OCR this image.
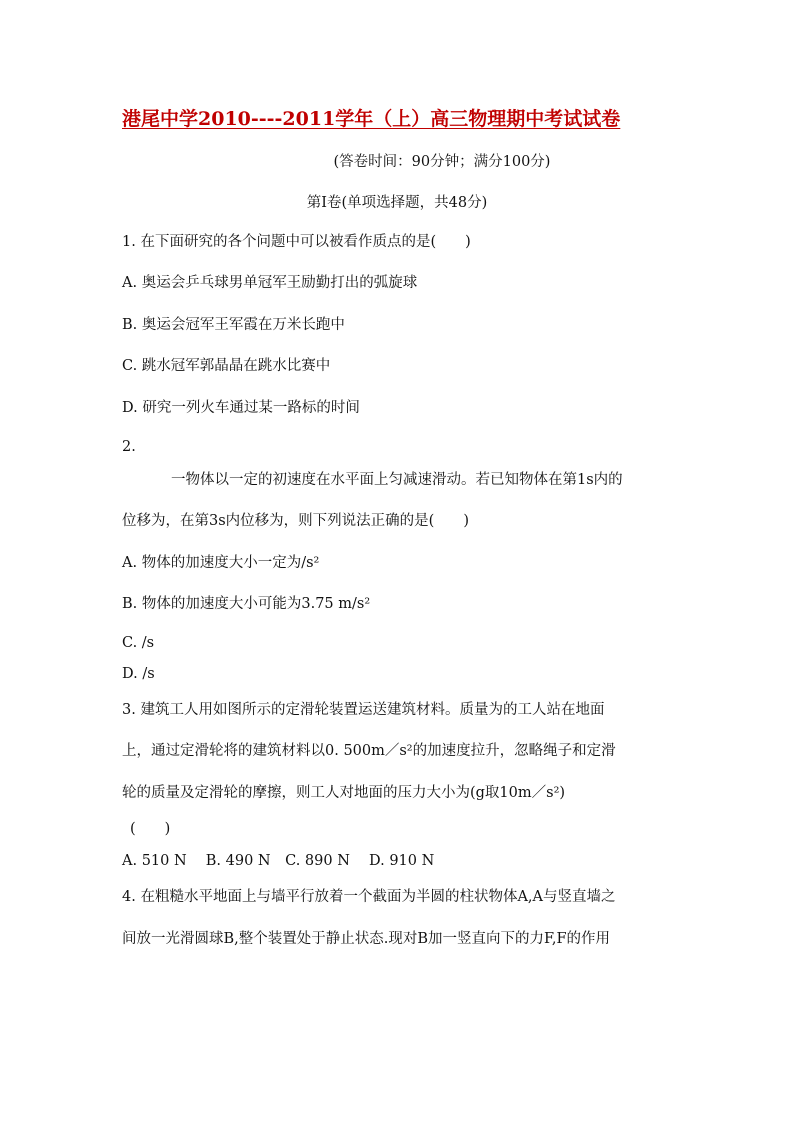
港尾中学2010----2011学年（上）高三物理期中考试试卷
(答卷时间：90分钟；满分100分)
第Ⅰ卷(单项选择题，共48分)
1. 在下面研究的各个问题中可以被看作质点的是(　　)
A. 奥运会乒乓球男单冠军王励勤打出的弧旋球
B. 奥运会冠军王军霞在万米长跑中
C. 跳水冠军郭晶晶在跳水比赛中
D. 研究一列火车通过某一路标的时间
2.
一物体以一定的初速度在水平面上匀减速滑动。若已知物体在第1s内的
位移为，在第3s内位移为，则下列说法正确的是(　　)
A. 物体的加速度大小一定为/s²
B. 物体的加速度大小可能为3.75 m/s²
C. /s
D. /s
3. 建筑工人用如图所示的定滑轮装置运送建筑材料。质量为的工人站在地面
上，通过定滑轮将的建筑材料以0. 500m／s²的加速度拉升，忽略绳子和定滑
轮的质量及定滑轮的摩擦，则工人对地面的压力大小为(g取10m／s²)
(　　)
A. 510 N　 B. 490 N　C. 890 N　 D. 910 N
4. 在粗糙水平地面上与墙平行放着一个截面为半圆的柱状物体A,A与竖直墙之
间放一光滑圆球B,整个装置处于静止状态.现对B加一竖直向下的力F,F的作用
